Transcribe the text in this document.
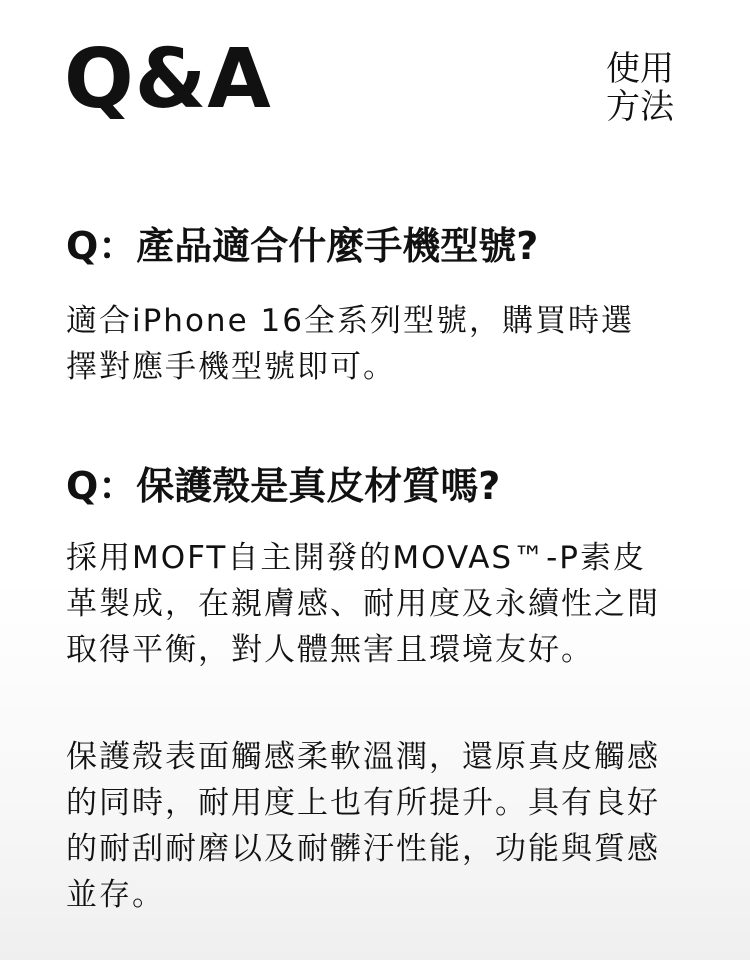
Q&A	使用
方法
Q：產品適合什麼手機型號?

適合iPhone 16全系列型號，購買時選擇對應手機型號即可。

Q：保護殼是真皮材質嗎?

採用MOFT自主開發的MOVAS™-P素皮革製成，在親膚感、耐用度及永續性之間取得平衡，對人體無害且環境友好。

保護殼表面觸感柔軟溫潤，還原真皮觸感的同時，耐用度上也有所提升。具有良好的耐刮耐磨以及耐髒汙性能，功能與質感並存。
